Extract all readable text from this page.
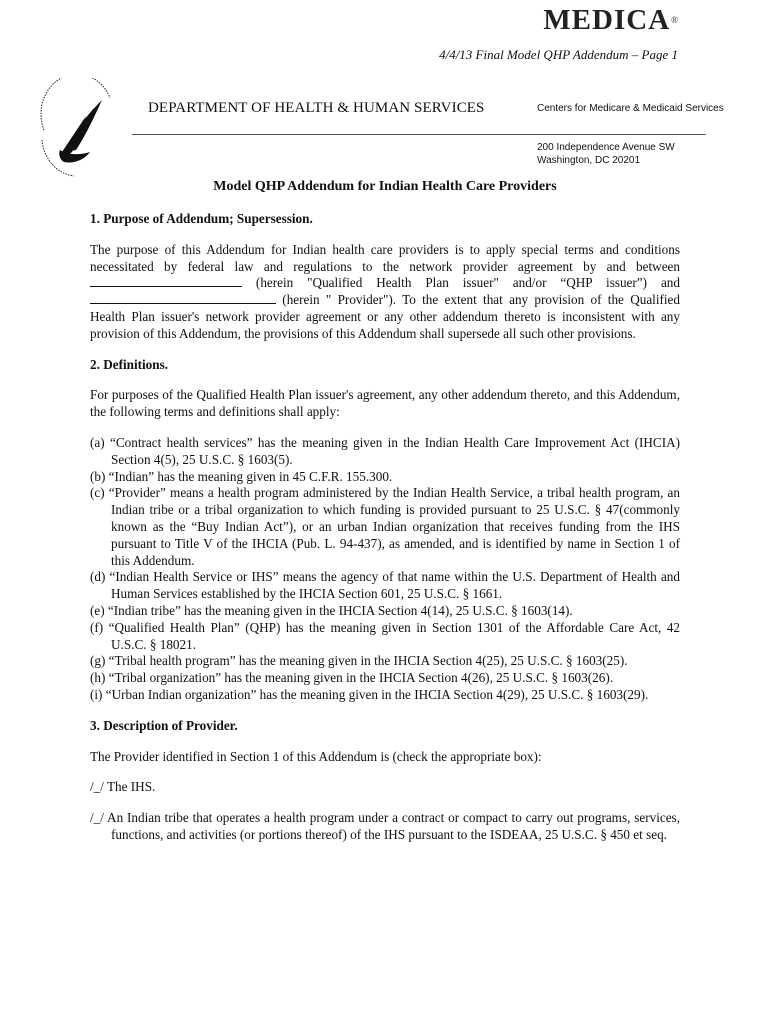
MEDICA®
4/4/13 Final Model QHP Addendum – Page 1
DEPARTMENT OF HEALTH & HUMAN SERVICES	Centers for Medicare & Medicaid Services
200 Independence Avenue SW
Washington, DC 20201
Model QHP Addendum for Indian Health Care Providers
1. Purpose of Addendum; Supersession.

The purpose of this Addendum for Indian health care providers is to apply special terms and conditions necessitated by federal law and regulations to the network provider agreement by and between  (herein "Qualified Health Plan issuer" and/or “QHP issuer”) and  (herein " Provider"). To the extent that any provision of the Qualified Health Plan issuer's network provider agreement or any other addendum thereto is inconsistent with any provision of this Addendum, the provisions of this Addendum shall supersede all such other provisions.

2. Definitions.

For purposes of the Qualified Health Plan issuer's agreement, any other addendum thereto, and this Addendum, the following terms and definitions shall apply:

(a) “Contract health services” has the meaning given in the Indian Health Care Improvement Act (IHCIA) Section 4(5), 25 U.S.C. § 1603(5).
(b) “Indian” has the meaning given in 45 C.F.R. 155.300.
(c) “Provider” means a health program administered by the Indian Health Service, a tribal health program, an Indian tribe or a tribal organization to which funding is provided pursuant to 25 U.S.C. § 47(commonly known as the “Buy Indian Act”), or an urban Indian organization that receives funding from the IHS pursuant to Title V of the IHCIA (Pub. L. 94-437), as amended, and is identified by name in Section 1 of this Addendum.
(d) “Indian Health Service or IHS” means the agency of that name within the U.S. Department of Health and Human Services established by the IHCIA Section 601, 25 U.S.C. § 1661.
(e) “Indian tribe” has the meaning given in the IHCIA Section 4(14), 25 U.S.C. § 1603(14).
(f) “Qualified Health Plan” (QHP) has the meaning given in Section 1301 of the Affordable Care Act, 42 U.S.C. § 18021.
(g) “Tribal health program” has the meaning given in the IHCIA Section 4(25), 25 U.S.C. § 1603(25).
(h) “Tribal organization” has the meaning given in the IHCIA Section 4(26), 25 U.S.C. § 1603(26).
(i) “Urban Indian organization” has the meaning given in the IHCIA Section 4(29), 25 U.S.C. § 1603(29).
3. Description of Provider.

The Provider identified in Section 1 of this Addendum is (check the appropriate box):

/_/ The IHS.

/_/ An Indian tribe that operates a health program under a contract or compact to carry out programs, services, functions, and activities (or portions thereof) of the IHS pursuant to the ISDEAA, 25 U.S.C. § 450 et seq.
